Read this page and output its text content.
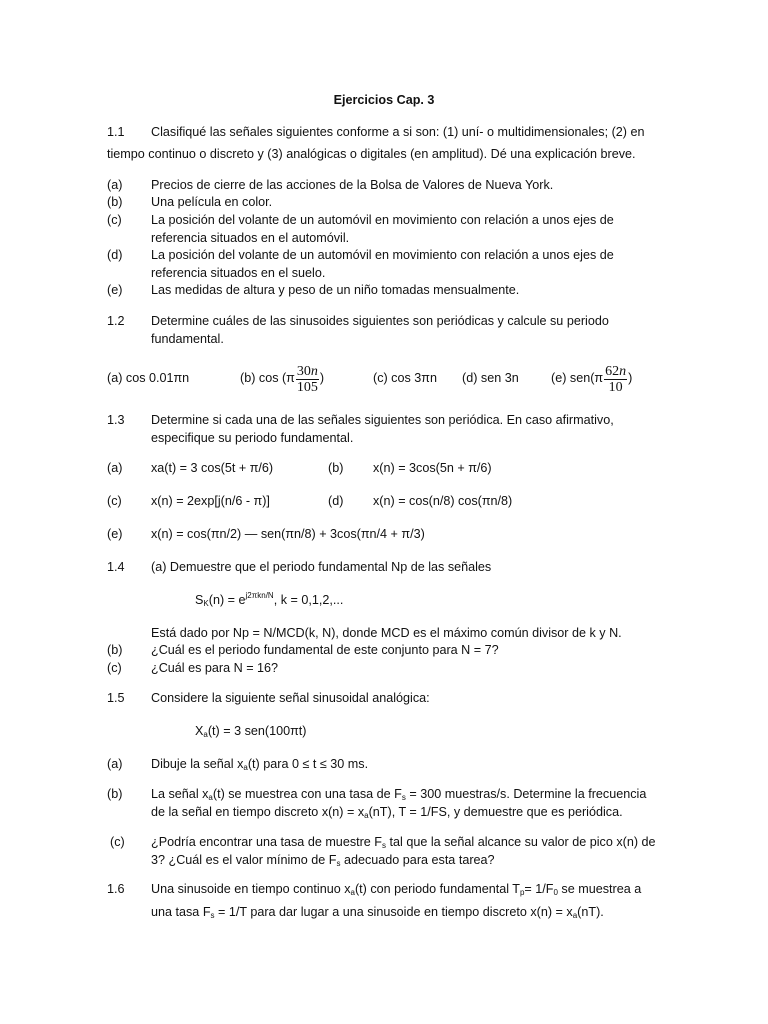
Ejercicios Cap. 3
1.1 Clasifiqué las señales siguientes conforme a si son: (1) uní- o multidimensionales; (2) en
tiempo continuo o discreto y (3) analógicas o digitales (en amplitud). Dé una explicación breve.
(a) Precios de cierre de las acciones de la Bolsa de Valores de Nueva York.
(b) Una película en color.
(c) La posición del volante de un automóvil en movimiento con relación a unos ejes de referencia situados en el automóvil.
(d) La posición del volante de un automóvil en movimiento con relación a unos ejes de referencia situados en el suelo.
(e) Las medidas de altura y peso de un niño tomadas mensualmente.
1.2 Determine cuáles de las sinusoides siguientes son periódicas y calcule su periodo fundamental.
(a) cos 0.01πn	(b) $\cos (\pi \frac{30n}{105}$ )	(c) cos 3πn (d) sen 3n	(e) $sen(\pi \frac{62n}{10}$ )
1.3 Determine si cada una de las señales siguientes son periódica. En caso afirmativo, especifique su periodo fundamental.
(a) xa(t) = 3 cos(5t + π/6)	(b) x(n) = 3cos(5n + π/6)
(c) x(n) = 2exp[j(n/6 - π)]	(d) x(n) = cos(n/8) cos(πn/8)
(e) x(n) = cos(πn/2) — sen(πn/8) + 3cos(πn/4 + π/3)
1.4 (a) Demuestre que el periodo fundamental Np de las señales
$S_K(n) = e^{j2\pi kn/N}$, k = 0,1,2,...
Está dado por Np = N/MCD(k, N), donde MCD es el máximo común divisor de k y N.
(b) ¿Cuál es el periodo fundamental de este conjunto para N = 7?
(c) ¿Cuál es para N = 16?
1.5 Considere la siguiente señal sinusoidal analógica:
$X_a(t) = 3$ sen(100πt)
(a) Dibuje la señal $x_a(t)$ para 0 ≤ t ≤ 30 ms.
(b) La señal $x_a(t)$ se muestrea con una tasa de $F_s = 300$ muestras/s. Determine la frecuencia de la señal en tiempo discreto $x(n) = x_a(nT)$, T = 1/FS, y demuestre que es periódica.
(c) ¿Podría encontrar una tasa de muestre $F_s$ tal que la señal alcance su valor de pico x(n) de 3? ¿Cuál es el valor mínimo de $F_s$ adecuado para esta tarea?
1.6 Una sinusoide en tiempo continuo $x_a(t)$ con periodo fundamental $T_p= 1/F_0$ se muestrea a
una tasa $F_s = 1/T$ para dar lugar a una sinusoide en tiempo discreto $x(n) = x_a(nT)$.
